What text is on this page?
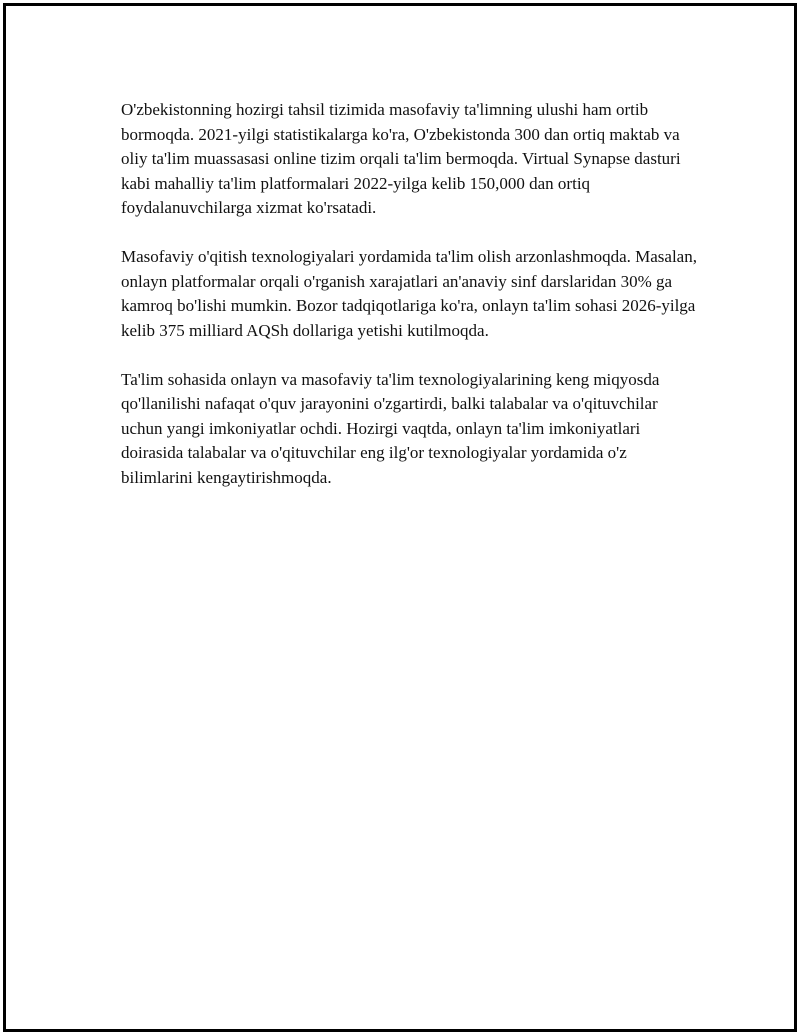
O'zbekistonning hozirgi tahsil tizimida masofaviy ta'limning ulushi ham ortib bormoqda. 2021-yilgi statistikalarga ko'ra, O'zbekistonda 300 dan ortiq maktab va oliy ta'lim muassasasi online tizim orqali ta'lim bermoqda. Virtual Synapse dasturi kabi mahalliy ta'lim platformalari 2022-yilga kelib 150,000 dan ortiq foydalanuvchilarga xizmat ko'rsatadi.

Masofaviy o'qitish texnologiyalari yordamida ta'lim olish arzonlashmoqda. Masalan, onlayn platformalar orqali o'rganish xarajatlari an'anaviy sinf darslaridan 30% ga kamroq bo'lishi mumkin. Bozor tadqiqotlariga ko'ra, onlayn ta'lim sohasi 2026-yilga kelib 375 milliard AQSh dollariga yetishi kutilmoqda.

Ta'lim sohasida onlayn va masofaviy ta'lim texnologiyalarining keng miqyosda qo'llanilishi nafaqat o'quv jarayonini o'zgartirdi, balki talabalar va o'qituvchilar uchun yangi imkoniyatlar ochdi. Hozirgi vaqtda, onlayn ta'lim imkoniyatlari doirasida talabalar va o'qituvchilar eng ilg'or texnologiyalar yordamida o'z bilimlarini kengaytirishmoqda.
